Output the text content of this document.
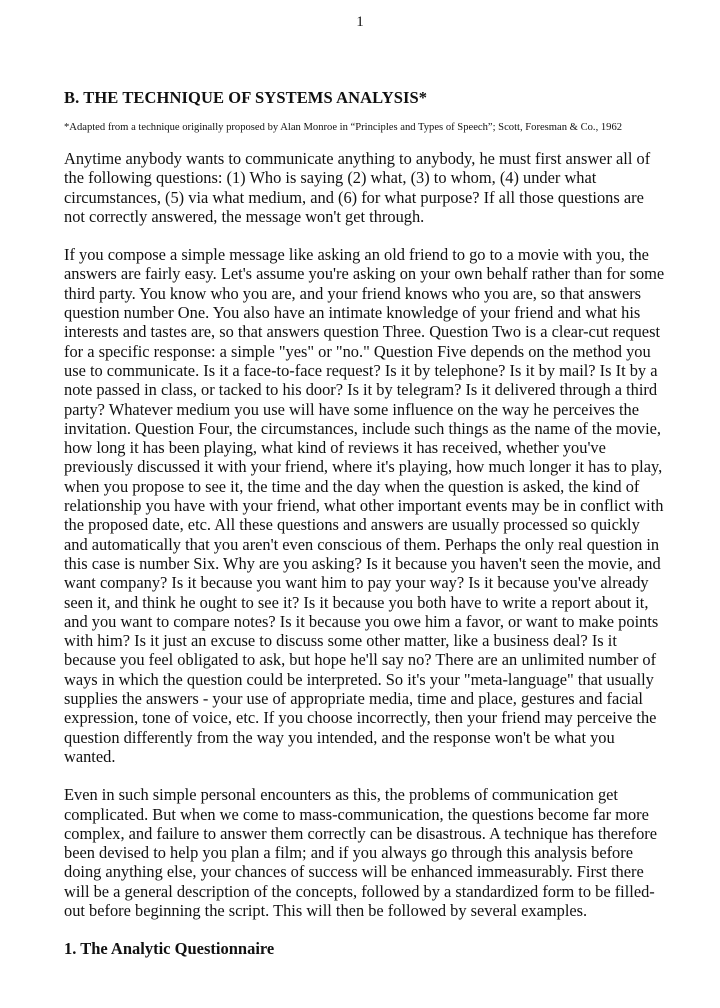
1
B. THE TECHNIQUE OF SYSTEMS ANALYSIS*
*Adapted from a technique originally proposed by Alan Monroe in “Principles and Types of Speech”; Scott, Foresman & Co., 1962

Anytime anybody wants to communicate anything to anybody, he must first answer all of the following questions: (1) Who is saying (2) what, (3) to whom, (4) under what circumstances, (5) via what medium, and (6) for what purpose? If all those questions are not correctly answered, the message won't get through.

If you compose a simple message like asking an old friend to go to a movie with you, the answers are fairly easy. Let's assume you're asking on your own behalf rather than for some third party. You know who you are, and your friend knows who you are, so that answers question number One. You also have an intimate knowledge of your friend and what his interests and tastes are, so that answers question Three. Question Two is a clear-cut request for a specific response: a simple "yes" or "no." Question Five depends on the method you use to communicate. Is it a face-to-face request? Is it by telephone? Is it by mail? Is It by a note passed in class, or tacked to his door? Is it by telegram? Is it delivered through a third party? Whatever medium you use will have some influence on the way he perceives the invitation. Question Four, the circumstances, include such things as the name of the movie, how long it has been playing, what kind of reviews it has received, whether you've previously discussed it with your friend, where it's playing, how much longer it has to play, when you propose to see it, the time and the day when the question is asked, the kind of relationship you have with your friend, what other important events may be in conflict with the proposed date, etc. All these questions and answers are usually processed so quickly and automatically that you aren't even conscious of them. Perhaps the only real question in this case is number Six. Why are you asking? Is it because you haven't seen the movie, and want company? Is it because you want him to pay your way? Is it because you've already seen it, and think he ought to see it? Is it because you both have to write a report about it, and you want to compare notes? Is it because you owe him a favor, or want to make points with him? Is it just an excuse to discuss some other matter, like a business deal? Is it because you feel obligated to ask, but hope he'll say no? There are an unlimited number of ways in which the question could be interpreted. So it's your "meta-language" that usually supplies the answers - your use of appropriate media, time and place, gestures and facial expression, tone of voice, etc. If you choose incorrectly, then your friend may perceive the question differently from the way you intended, and the response won't be what you wanted.

Even in such simple personal encounters as this, the problems of communication get complicated. But when we come to mass-communication, the questions become far more complex, and failure to answer them correctly can be disastrous. A technique has therefore been devised to help you plan a film; and if you always go through this analysis before doing anything else, your chances of success will be enhanced immeasurably. First there will be a general description of the concepts, followed by a standardized form to be filled-out before beginning the script. This will then be followed by several examples.

1. The Analytic Questionnaire
